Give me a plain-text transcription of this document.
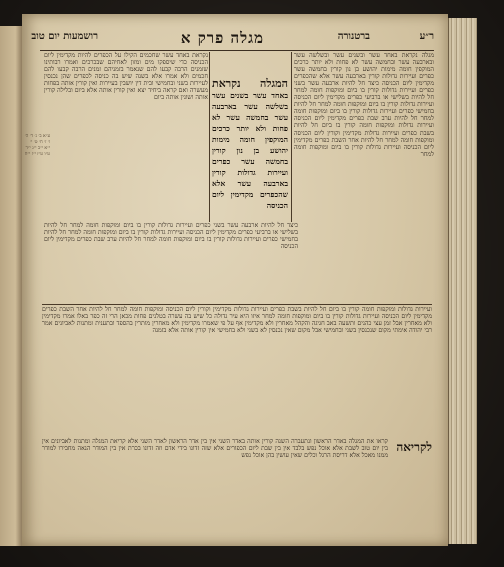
ר״ע
ברטנורה
מגלה פרק א
רושמעות יום טוב
מגלה נקראת באחד עשר ובשנים עשר ובשלשה עשר ובארבעה עשר ובחמשה עשר לא פחות ולא יותר כרכים המוקפין חומה מימות יהושע בן נון קורין בחמשה עשר כפרים ועיירות גדולות קורין בארבעה עשר אלא שהכפרים מקדימין ליום הכניסה כיצד חל להיות ארבעה עשר בשני כפרים ועיירות גדולות קורין בו ביום ומוקפות חומה למחר חל להיות בשלישי או ברביעי כפרים מקדימין ליום הכניסה ועיירות גדולות קורין בו ביום ומוקפות חומה למחר חל להיות בחמישי כפרים ועיירות גדולות קורין בו ביום ומוקפות חומה למחר חל להיות ערב שבת כפרים מקדימין ליום הכניסה ועיירות גדולות ומוקפות חומה קורין בו ביום חל להיות בשבת כפרים ועיירות גדולות מקדימין וקורין ליום הכניסה ומוקפות חומה למחר חל להיות אחר השבת כפרים מקדימין ליום הכניסה ועיירות גדולות קורין בו ביום ומוקפות חומה למחר
המגלה נקראת באחד עשר בשנים עשר בשלשה עשר בארבעה עשר בחמשה עשר לא פחות ולא יותר כרכים המוקפין חומה מימות יהושע בן נון קורין בחמשה עשר כפרים ועיירות גדולות קורין בארבעה עשר אלא שהכפרים מקדימין ליום הכניסה
נקראת באחד עשר שחכמים הקילו על הכפרים להיות מקדימין ליום הכניסה כדי שיספקו מים ומזון לאחיהם שבכרכים ואמרו רבותינו שזמנים הרבה קבעו להם שנאמר בזמניהם זמנים הרבה קבעו להם חכמים ולא אמרו אלא בשנה שיש בה כניסה לכפרים שהן נכנסין לעיירות בשני ובחמישי ובית דין יושבין בעיירות ואין קורין אותה בפחות מעשרה ואם קראה ביחיד יצא ואין קורין אותה אלא ביום ובלילה קורין אותה ושונין אותה ביום
כיצד חל להיות ארבעה עשר בשני כפרים ועיירות גדולות קורין בו ביום ומוקפות חומה למחר חל להיות בשלישי או ברביעי כפרים מקדימין ליום הכניסה ועיירות גדולות קורין בו ביום ומוקפות חומה למחר חל להיות בחמישי כפרים ועיירות גדולות קורין בו ביום ומוקפות חומה למחר חל להיות ערב שבת כפרים מקדימין ליום הכניסה
ועיירות גדולות ומוקפות חומה קורין בו ביום חל להיות בשבת כפרים ועיירות גדולות מקדימין וקורין ליום הכניסה ומוקפות חומה למחר חל להיות אחר השבת כפרים מקדימין ליום הכניסה ועיירות גדולות קורין בו ביום ומוקפות חומה למחר איזו היא עיר גדולה כל שיש בה עשרה בטלנים פחות מכאן הרי זה כפר באלו אמרו מקדימין ולא מאחרין אבל זמן עצי כהנים ותשעה באב חגיגה והקהל מאחרין ולא מקדימין אף על פי שאמרו מקדימין ולא מאחרין מותרין בהספד ובתענית ומתנות לאביונים אמר רבי יהודה אימתי מקום שנכנסין בשני ובחמישי אבל מקום שאין נכנסין לא בשני ולא בחמישי אין קורין אותה אלא בזמנה
לקריאה
קראו את המגלה באדר הראשון ונתעברה השנה קורין אותה באדר השני אין בין אדר הראשון לאדר השני אלא קריאת המגלה ומתנות לאביונים אין בין יום טוב לשבת אלא אוכל נפש בלבד אין בין שבת ליום הכפורים אלא שזה זדונו בידי אדם וזה זדונו בכרת אין בין המודר הנאה מחבירו למודר ממנו מאכל אלא דריסת הרגל וכלים שאין עושין בהן אוכל נפש
ע״א ב׳ ג׳ ד׳ ה׳ ו׳ ז׳ ח׳ ט׳ י׳ י״א י״ב י״ג י״ד ט״ו ט״ז י״ז י״ח
